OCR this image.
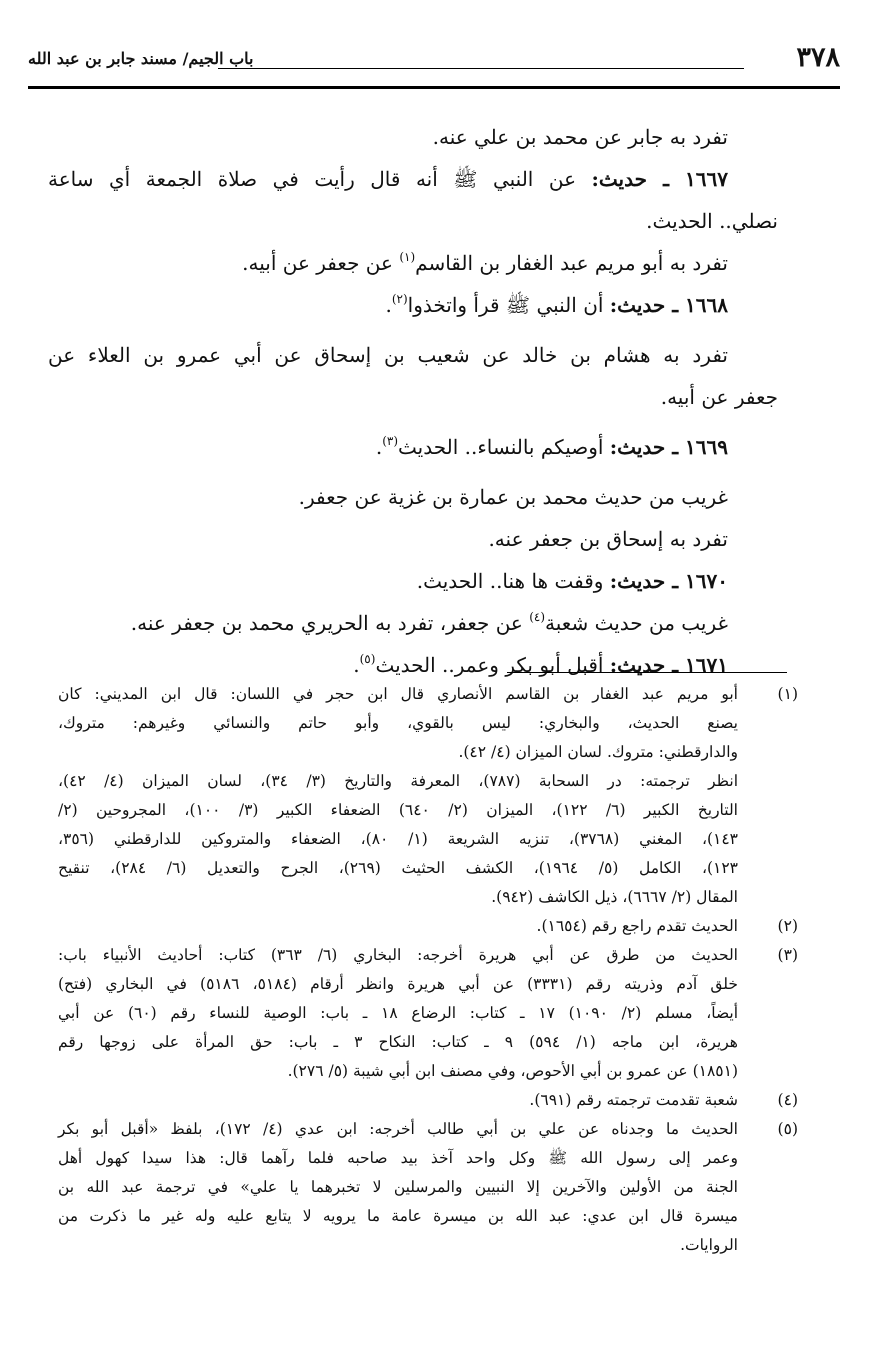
٣٧٨
باب الجيم/ مسند جابر بن عبد الله
تفرد به جابر عن محمد بن علي عنه.
١٦٦٧ ـ حديث: عن النبي ﷺ أنه قال رأيت في صلاة الجمعة أي ساعة
نصلي.. الحديث.
تفرد به أبو مريم عبد الغفار بن القاسم$^{(١)}$ عن جعفر عن أبيه.
١٦٦٨ ـ حديث: أن النبي ﷺ قرأ واتخذوا$^{(٢)}$.
تفرد به هشام بن خالد عن شعيب بن إسحاق عن أبي عمرو بن العلاء عن
جعفر عن أبيه.
١٦٦٩ ـ حديث: أوصيكم بالنساء.. الحديث$^{(٣)}$.
غريب من حديث محمد بن عمارة بن غزية عن جعفر.
تفرد به إسحاق بن جعفر عنه.
١٦٧٠ ـ حديث: وقفت ها هنا.. الحديث.
غريب من حديث شعبة$^{(٤)}$ عن جعفر، تفرد به الحريري محمد بن جعفر عنه.
١٦٧١ ـ حديث: أقبل أبو بكر وعمر.. الحديث$^{(٥)}$.
(١)
أبو مريم عبد الغفار بن القاسم الأنصاري قال ابن حجر في اللسان: قال ابن المديني: كان
يصنع الحديث، والبخاري: ليس بالقوي، وأبو حاتم والنسائي وغيرهم: متروك،
والدارقطني: متروك. لسان الميزان (٤/ ٤٢).
انظر ترجمته: در السحابة (٧٨٧)، المعرفة والتاريخ (٣/ ٣٤)، لسان الميزان (٤/ ٤٢)،
التاريخ الكبير (٦/ ١٢٢)، الميزان (٢/ ٦٤٠) الضعفاء الكبير (٣/ ١٠٠)، المجروحين (٢/
١٤٣)، المغني (٣٧٦٨)، تنزيه الشريعة (١/ ٨٠)، الضعفاء والمتروكين للدارقطني (٣٥٦،
١٢٣)، الكامل (٥/ ١٩٦٤)، الكشف الحثيث (٢٦٩)، الجرح والتعديل (٦/ ٢٨٤)، تنقيح
المقال (٢/ ٦٦٦٧)، ذيل الكاشف (٩٤٢).
(٢)
الحديث تقدم راجع رقم (١٦٥٤).
(٣)
الحديث من طرق عن أبي هريرة أخرجه: البخاري (٦/ ٣٦٣) كتاب: أحاديث الأنبياء باب:
خلق آدم وذريته رقم (٣٣٣١) عن أبي هريرة وانظر أرقام (٥١٨٤، ٥١٨٦) في البخاري (فتح)
أيضاً، مسلم (٢/ ١٠٩٠) ١٧ ـ كتاب: الرضاع ١٨ ـ باب: الوصية للنساء رقم (٦٠) عن أبي
هريرة، ابن ماجه (١/ ٥٩٤) ٩ ـ كتاب: النكاح ٣ ـ باب: حق المرأة على زوجها رقم
(١٨٥١) عن عمرو بن أبي الأحوص، وفي مصنف ابن أبي شيبة (٥/ ٢٧٦).
(٤)
شعبة تقدمت ترجمته رقم (٦٩١).
(٥)
الحديث ما وجدناه عن علي بن أبي طالب أخرجه: ابن عدي (٤/ ١٧٢)، بلفظ «أقبل أبو بكر
وعمر إلى رسول الله ﷺ وكل واحد آخذ بيد صاحبه فلما رآهما قال: هذا سيدا كهول أهل
الجنة من الأولين والآخرين إلا النبيين والمرسلين لا تخبرهما يا علي» في ترجمة عبد الله بن
ميسرة قال ابن عدي: عبد الله بن ميسرة عامة ما يرويه لا يتابع عليه وله غير ما ذكرت من
الروايات.
